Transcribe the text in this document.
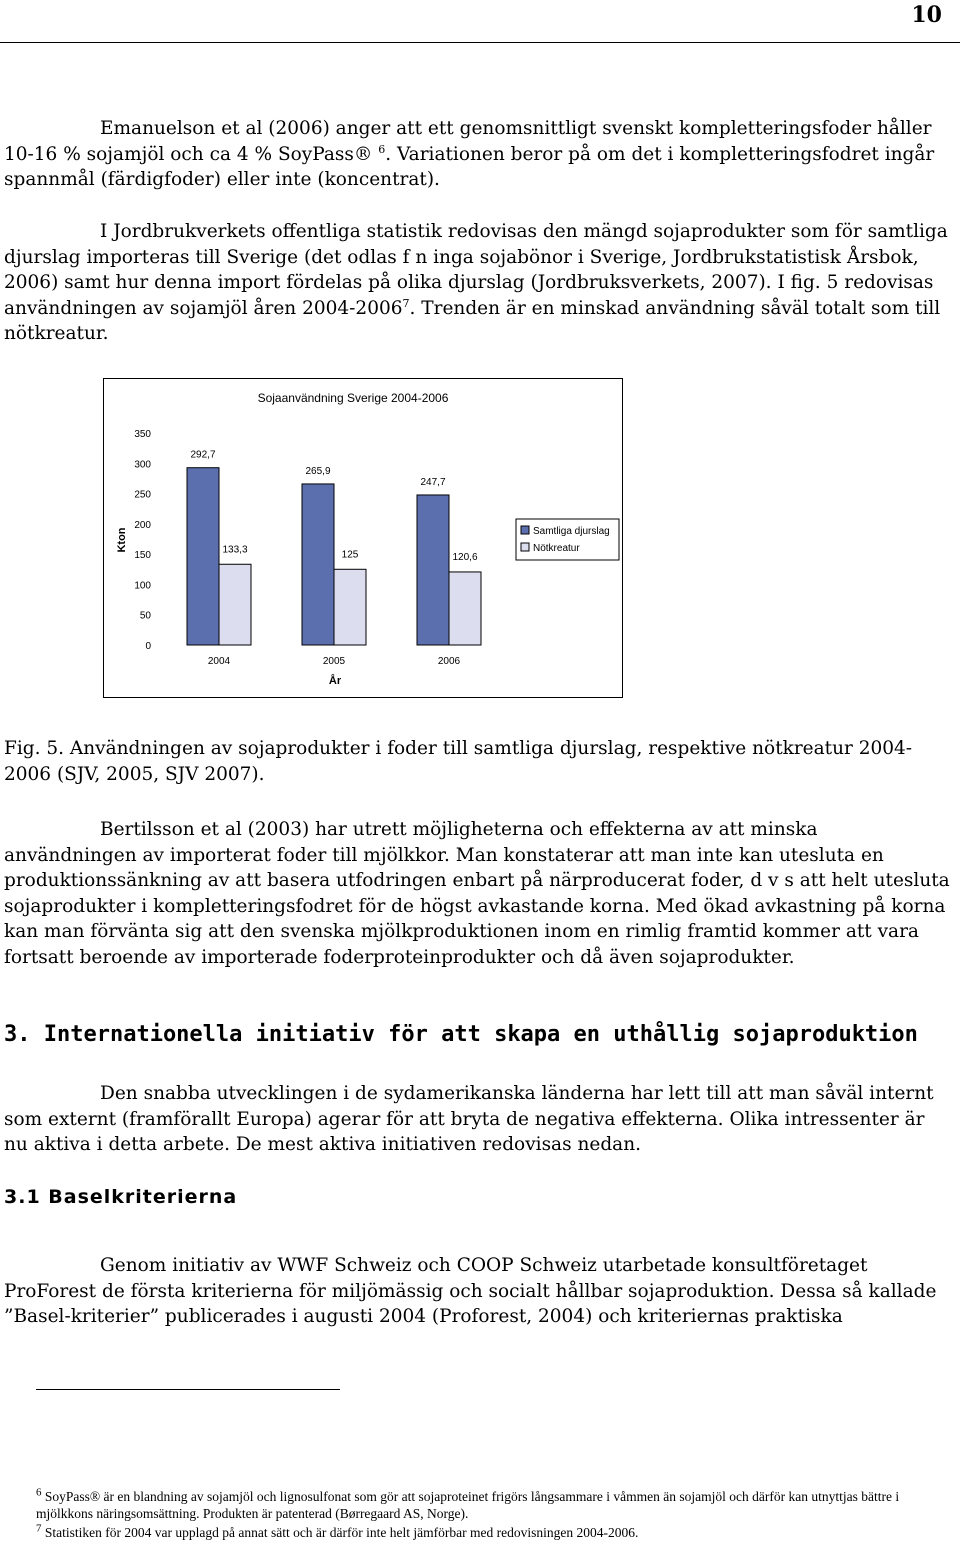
10

Emanuelson et al (2006) anger att ett genomsnittligt svenskt kompletteringsfoder håller 10-16 % sojamjöl och ca 4 % SoyPass® $^6$. Variationen beror på om det i kompletteringsfodret ingår spannmål (färdigfoder) eller inte (koncentrat).

I Jordbrukverkets offentliga statistik redovisas den mängd sojaprodukter som för samtliga djurslag importeras till Sverige (det odlas f n inga sojabönor i Sverige, Jordbrukstatistisk Årsbok, 2006) samt hur denna import fördelas på olika djurslag (Jordbruksverkets, 2007). I fig. 5 redovisas användningen av sojamjöl åren 2004-2006$^7$. Trenden är en minskad användning såväl totalt som till nötkreatur.

Sojaanvändning Sverige 2004-2006
Kton
År
0
50
100
150
200
250
300
350
292,7
133,3
265,9
125
247,7
120,6
2004	2005	2006
Samtliga djurslag
Nötkreatur

Fig. 5. Användningen av sojaprodukter i foder till samtliga djurslag, respektive nötkreatur 2004-2006 (SJV, 2005, SJV 2007).

Bertilsson et al (2003) har utrett möjligheterna och effekterna av att minska användningen av importerat foder till mjölkkor. Man konstaterar att man inte kan utesluta en produktionssänkning av att basera utfodringen enbart på närproducerat foder, d v s att helt utesluta sojaprodukter i kompletteringsfodret för de högst avkastande korna. Med ökad avkastning på korna kan man förvänta sig att den svenska mjölkproduktionen inom en rimlig framtid kommer att vara fortsatt beroende av importerade foderproteinprodukter och då även sojaprodukter.

3. Internationella initiativ för att skapa en uthållig sojaproduktion

Den snabba utvecklingen i de sydamerikanska länderna har lett till att man såväl internt som externt (framförallt Europa) agerar för att bryta de negativa effekterna. Olika intressenter är nu aktiva i detta arbete. De mest aktiva initiativen redovisas nedan.

3.1 Baselkriterierna

Genom initiativ av WWF Schweiz och COOP Schweiz utarbetade konsultföretaget ProForest de första kriterierna för miljömässig och socialt hållbar sojaproduktion. Dessa så kallade ”Basel-kriterier” publicerades i augusti 2004 (Proforest, 2004) och kriteriernas praktiska

$^6$ SoyPass® är en blandning av sojamjöl och lignosulfonat som gör att sojaproteinet frigörs långsammare i våmmen än sojamjöl och därför kan utnyttjas bättre i mjölkkons näringsomsättning. Produkten är patenterad (Børregaard AS, Norge).

$^7$ Statistiken för 2004 var upplagd på annat sätt och är därför inte helt jämförbar med redovisningen 2004-2006.
